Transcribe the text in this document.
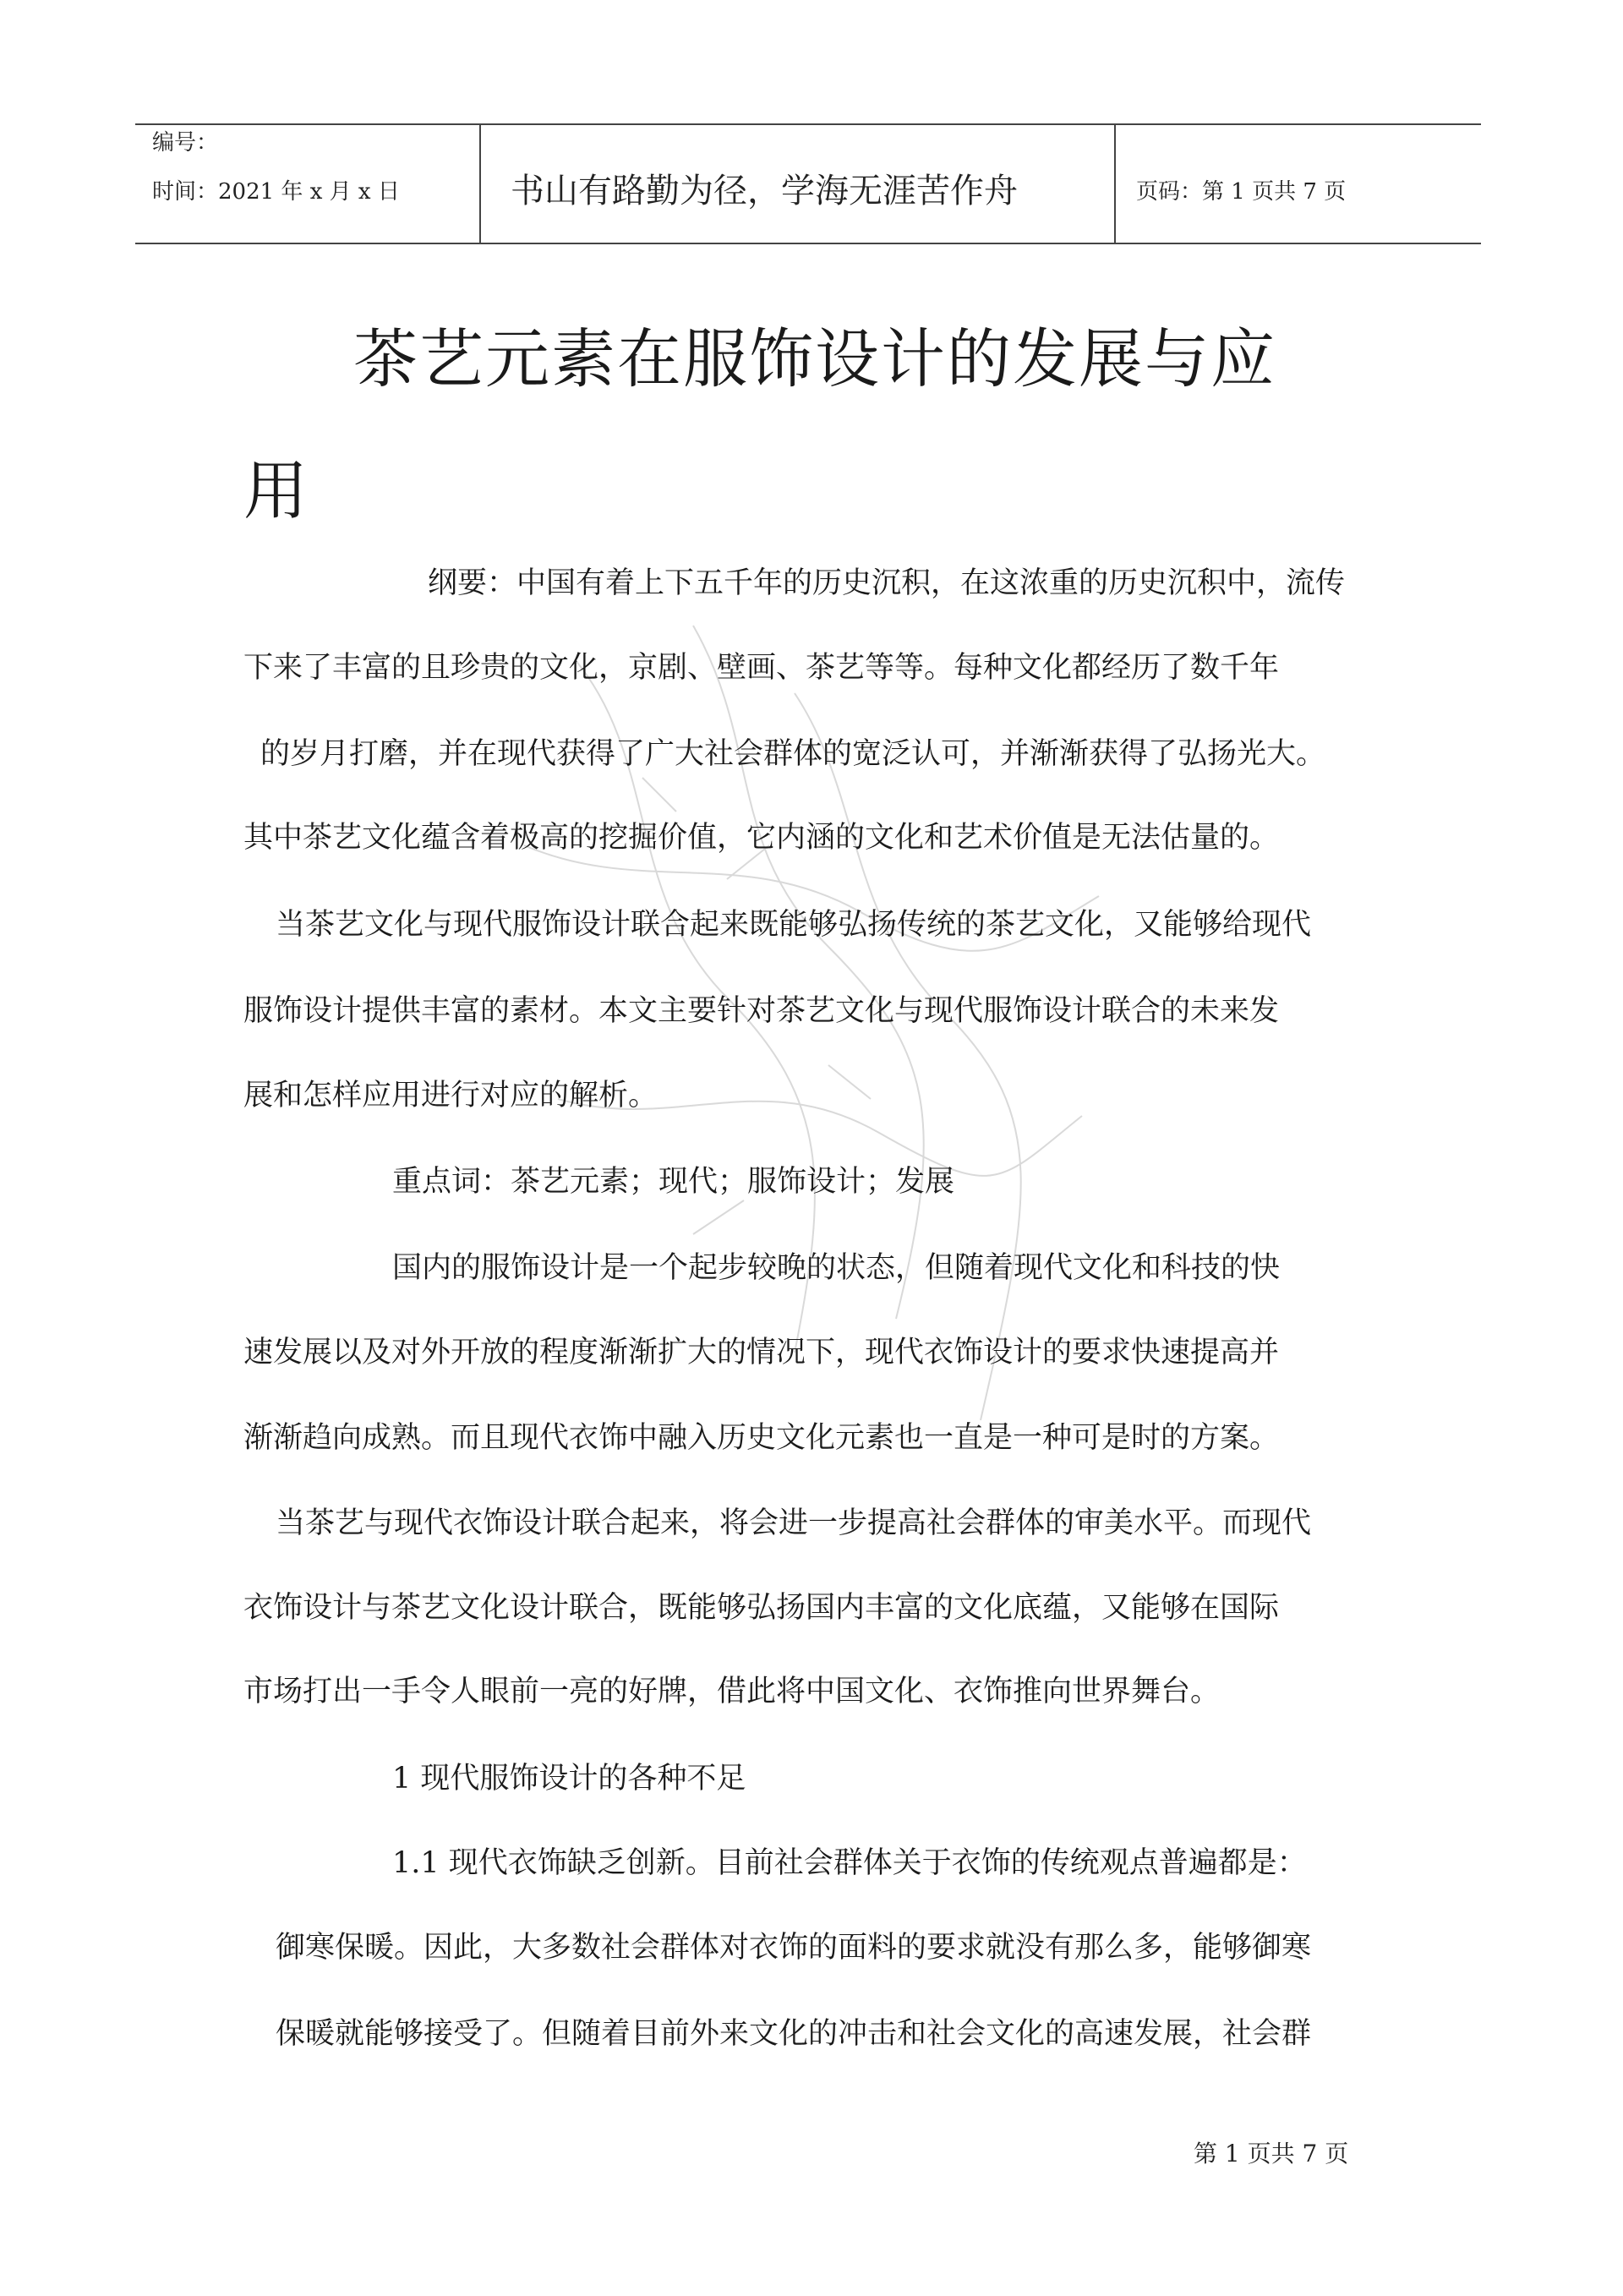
编号：
时间：2021 年 x 月 x 日	书山有路勤为径，学海无涯苦作舟	页码：第 1 页共 7 页
茶艺元素在服饰设计的发展与应
用
纲要：中国有着上下五千年的历史沉积，在这浓重的历史沉积中，流传
下来了丰富的且珍贵的文化，京剧、壁画、茶艺等等。每种文化都经历了数千年
的岁月打磨，并在现代获得了广大社会群体的宽泛认可，并渐渐获得了弘扬光大。
其中茶艺文化蕴含着极高的挖掘价值，它内涵的文化和艺术价值是无法估量的。
当茶艺文化与现代服饰设计联合起来既能够弘扬传统的茶艺文化，又能够给现代
服饰设计提供丰富的素材。本文主要针对茶艺文化与现代服饰设计联合的未来发
展和怎样应用进行对应的解析。
重点词：茶艺元素；现代；服饰设计；发展
国内的服饰设计是一个起步较晚的状态，但随着现代文化和科技的快
速发展以及对外开放的程度渐渐扩大的情况下，现代衣饰设计的要求快速提高并
渐渐趋向成熟。而且现代衣饰中融入历史文化元素也一直是一种可是时的方案。
当茶艺与现代衣饰设计联合起来，将会进一步提高社会群体的审美水平。而现代
衣饰设计与茶艺文化设计联合，既能够弘扬国内丰富的文化底蕴，又能够在国际
市场打出一手令人眼前一亮的好牌，借此将中国文化、衣饰推向世界舞台。
1 现代服饰设计的各种不足
1.1 现代衣饰缺乏创新。目前社会群体关于衣饰的传统观点普遍都是：
御寒保暖。因此，大多数社会群体对衣饰的面料的要求就没有那么多，能够御寒
保暖就能够接受了。但随着目前外来文化的冲击和社会文化的高速发展，社会群
第 1 页共 7 页
